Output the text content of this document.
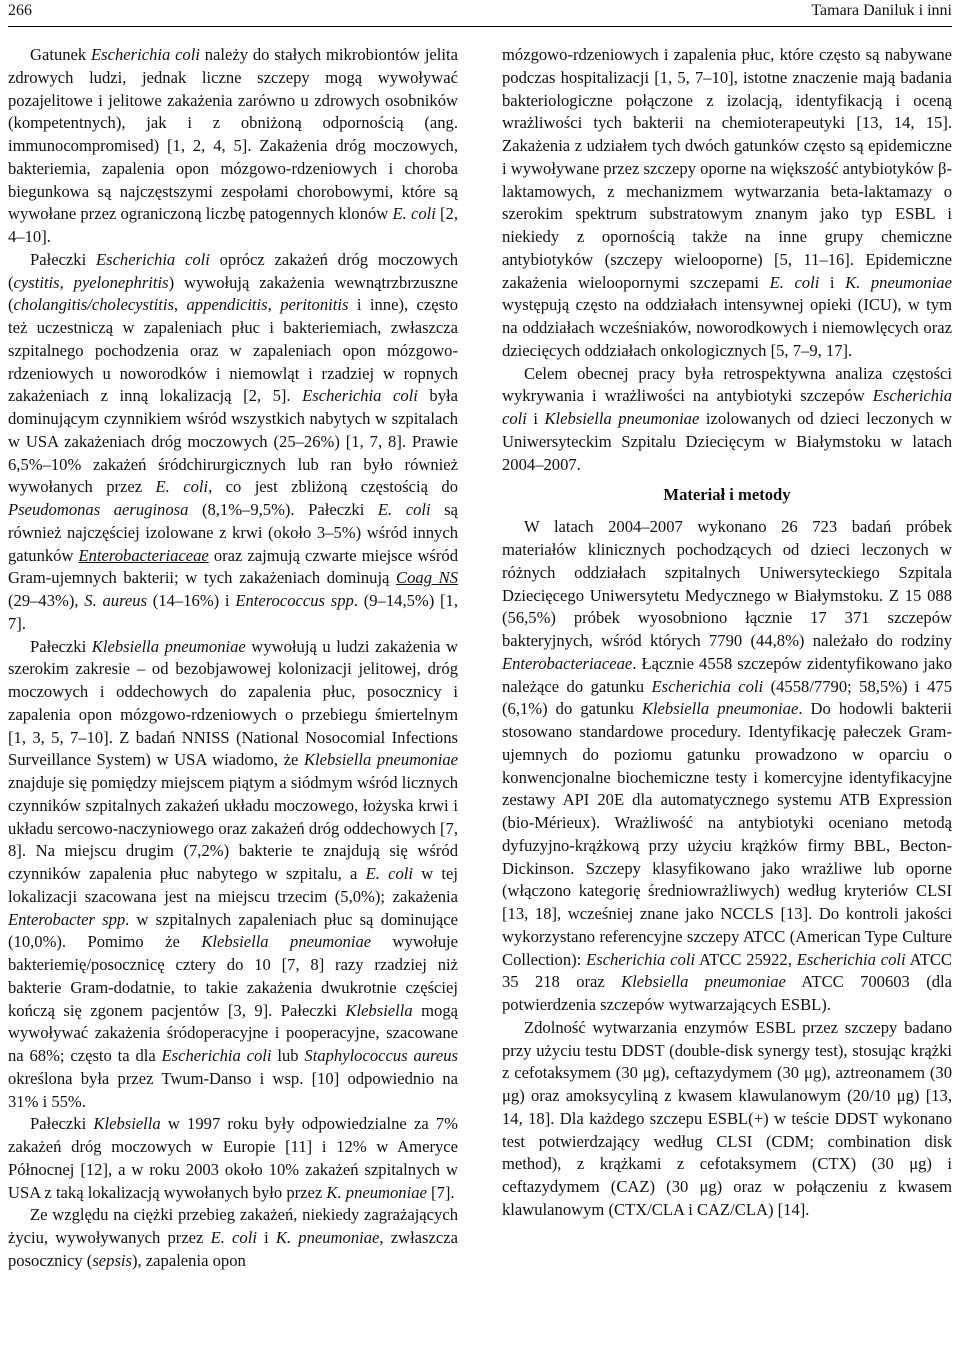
266	Tamara Daniluk i inni

Gatunek Escherichia coli należy do stałych mikrobiontów jelita zdrowych ludzi, jednak liczne szczepy mogą wywoływać pozajelitowe i jelitowe zakażenia zarówno u zdrowych osobników (kompetentnych), jak i z obniżoną odpornością (ang. immunocompromised) [1, 2, 4, 5]. Zakażenia dróg moczowych, bakteriemia, zapalenia opon mózgowo-rdzeniowych i choroba biegunkowa są najczęstszymi zespołami chorobowymi, które są wywołane przez ograniczoną liczbę patogennych klonów E. coli [2, 4–10].

Pałeczki Escherichia coli oprócz zakażeń dróg moczowych (cystitis, pyelonephritis) wywołują zakażenia wewnątrzbrzuszne (cholangitis/cholecystitis, appendicitis, peritonitis i inne), często też uczestniczą w zapaleniach płuc i bakteriemiach, zwłaszcza szpitalnego pochodzenia oraz w zapaleniach opon mózgowo-rdzeniowych u noworodków i niemowląt i rzadziej w ropnych zakażeniach z inną lokalizacją [2, 5]. Escherichia coli była dominującym czynnikiem wśród wszystkich nabytych w szpitalach w USA zakażeniach dróg moczowych (25–26%) [1, 7, 8]. Prawie 6,5%–10% zakażeń śródchirurgicznych lub ran było również wywołanych przez E. coli, co jest zbliżoną częstością do Pseudomonas aeruginosa (8,1%–9,5%). Pałeczki E. coli są również najczęściej izolowane z krwi (około 3–5%) wśród innych gatunków Enterobacteriaceae oraz zajmują czwarte miejsce wśród Gram-ujemnych bakterii; w tych zakażeniach dominują Coag NS (29–43%), S. aureus (14–16%) i Enterococcus spp. (9–14,5%) [1, 7].

Pałeczki Klebsiella pneumoniae wywołują u ludzi zakażenia w szerokim zakresie – od bezobjawowej kolonizacji jelitowej, dróg moczowych i oddechowych do zapalenia płuc, posocznicy i zapalenia opon mózgowo-rdzeniowych o przebiegu śmiertelnym [1, 3, 5, 7–10]. Z badań NNISS (National Nosocomial Infections Surveillance System) w USA wiadomo, że Klebsiella pneumoniae znajduje się pomiędzy miejscem piątym a siódmym wśród licznych czynników szpitalnych zakażeń układu moczowego, łożyska krwi i układu sercowo-naczyniowego oraz zakażeń dróg oddechowych [7, 8]. Na miejscu drugim (7,2%) bakterie te znajdują się wśród czynników zapalenia płuc nabytego w szpitalu, a E. coli w tej lokalizacji szacowana jest na miejscu trzecim (5,0%); zakażenia Enterobacter spp. w szpitalnych zapaleniach płuc są dominujące (10,0%). Pomimo że Klebsiella pneumoniae wywołuje bakteriemię/posocznicę cztery do 10 [7, 8] razy rzadziej niż bakterie Gram-dodatnie, to takie zakażenia dwukrotnie częściej kończą się zgonem pacjentów [3, 9]. Pałeczki Klebsiella mogą wywoływać zakażenia śródoperacyjne i pooperacyjne, szacowane na 68%; często ta dla Escherichia coli lub Staphylococcus aureus określona była przez Twum-Danso i wsp. [10] odpowiednio na 31% i 55%.

Pałeczki Klebsiella w 1997 roku były odpowiedzialne za 7% zakażeń dróg moczowych w Europie [11] i 12% w Ameryce Północnej [12], a w roku 2003 około 10% zakażeń szpitalnych w USA z taką lokalizacją wywołanych było przez K. pneumoniae [7].

Ze względu na ciężki przebieg zakażeń, niekiedy zagrażających życiu, wywoływanych przez E. coli i K. pneumoniae, zwłaszcza posocznicy (sepsis), zapalenia opon

mózgowo-rdzeniowych i zapalenia płuc, które często są nabywane podczas hospitalizacji [1, 5, 7–10], istotne znaczenie mają badania bakteriologiczne połączone z izolacją, identyfikacją i oceną wrażliwości tych bakterii na chemioterapeutyki [13, 14, 15]. Zakażenia z udziałem tych dwóch gatunków często są epidemiczne i wywoływane przez szczepy oporne na większość antybiotyków β-laktamowych, z mechanizmem wytwarzania beta-laktamazy o szerokim spektrum substratowym znanym jako typ ESBL i niekiedy z opornością także na inne grupy chemiczne antybiotyków (szczepy wielooporne) [5, 11–16]. Epidemiczne zakażenia wieloopornymi szczepami E. coli i K. pneumoniae występują często na oddziałach intensywnej opieki (ICU), w tym na oddziałach wcześniaków, noworodkowych i niemowlęcych oraz dziecięcych oddziałach onkologicznych [5, 7–9, 17].

Celem obecnej pracy była retrospektywna analiza częstości wykrywania i wrażliwości na antybiotyki szczepów Escherichia coli i Klebsiella pneumoniae izolowanych od dzieci leczonych w Uniwersyteckim Szpitalu Dziecięcym w Białymstoku w latach 2004–2007.

Materiał i metody

W latach 2004–2007 wykonano 26 723 badań próbek materiałów klinicznych pochodzących od dzieci leczonych w różnych oddziałach szpitalnych Uniwersyteckiego Szpitala Dziecięcego Uniwersytetu Medycznego w Białymstoku. Z 15 088 (56,5%) próbek wyosobniono łącznie 17 371 szczepów bakteryjnych, wśród których 7790 (44,8%) należało do rodziny Enterobacteriaceae. Łącznie 4558 szczepów zidentyfikowano jako należące do gatunku Escherichia coli (4558/7790; 58,5%) i 475 (6,1%) do gatunku Klebsiella pneumoniae. Do hodowli bakterii stosowano standardowe procedury. Identyfikację pałeczek Gram-ujemnych do poziomu gatunku prowadzono w oparciu o konwencjonalne biochemiczne testy i komercyjne identyfikacyjne zestawy API 20E dla automatycznego systemu ATB Expression (bio-Mérieux). Wrażliwość na antybiotyki oceniano metodą dyfuzyjno-krążkową przy użyciu krążków firmy BBL, Becton-Dickinson. Szczepy klasyfikowano jako wrażliwe lub oporne (włączono kategorię średniowrażliwych) według kryteriów CLSI [13, 18], wcześniej znane jako NCCLS [13]. Do kontroli jakości wykorzystano referencyjne szczepy ATCC (American Type Culture Collection): Escherichia coli ATCC 25922, Escherichia coli ATCC 35 218 oraz Klebsiella pneumoniae ATCC 700603 (dla potwierdzenia szczepów wytwarzających ESBL).

Zdolność wytwarzania enzymów ESBL przez szczepy badano przy użyciu testu DDST (double-disk synergy test), stosując krążki z cefotaksymem (30 μg), ceftazydymem (30 μg), aztreonamem (30 μg) oraz amoksycyliną z kwasem klawulanowym (20/10 μg) [13, 14, 18]. Dla każdego szczepu ESBL(+) w teście DDST wykonano test potwierdzający według CLSI (CDM; combination disk method), z krążkami z cefotaksymem (CTX) (30 μg) i ceftazydymem (CAZ) (30 μg) oraz w połączeniu z kwasem klawulanowym (CTX/CLA i CAZ/CLA) [14].
